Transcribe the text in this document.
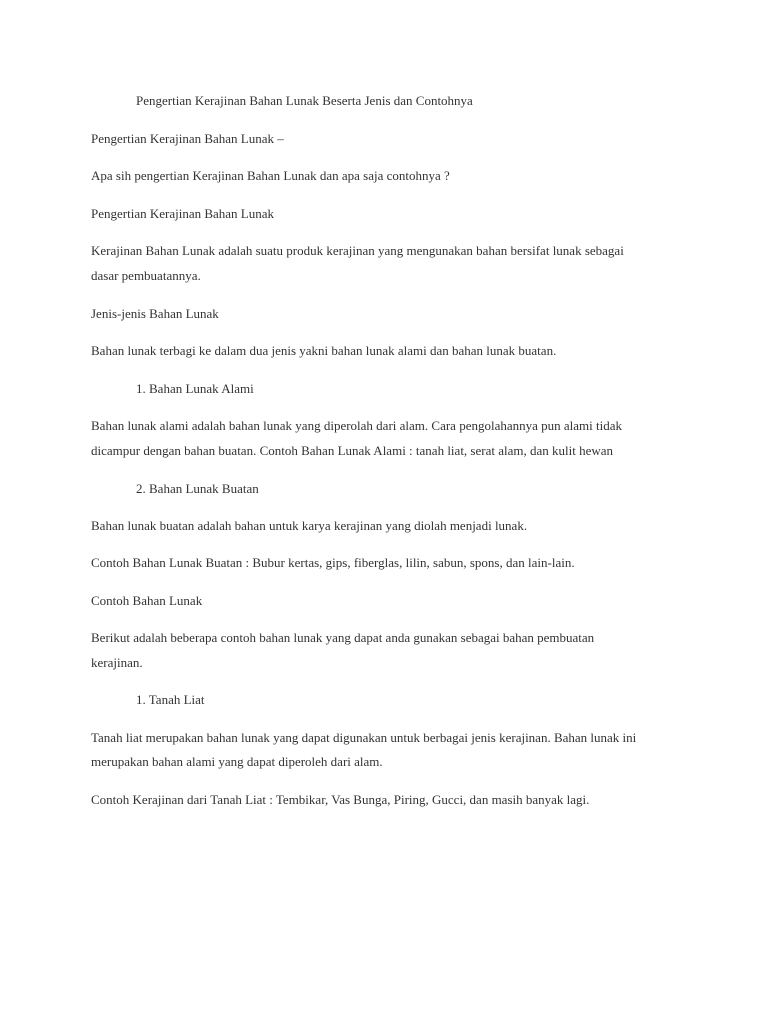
Pengertian Kerajinan Bahan Lunak Beserta Jenis dan Contohnya
Pengertian Kerajinan Bahan Lunak –
Apa sih pengertian Kerajinan Bahan Lunak dan apa saja contohnya ?
Pengertian Kerajinan Bahan Lunak
Kerajinan Bahan Lunak adalah suatu produk kerajinan yang mengunakan bahan bersifat lunak sebagai
dasar pembuatannya.
Jenis-jenis Bahan Lunak
Bahan lunak terbagi ke dalam dua jenis yakni bahan lunak alami dan bahan lunak buatan.
1. Bahan Lunak Alami
Bahan lunak alami adalah bahan lunak yang diperolah dari alam. Cara pengolahannya pun alami tidak
dicampur dengan bahan buatan. Contoh Bahan Lunak Alami : tanah liat, serat alam, dan kulit hewan
2. Bahan Lunak Buatan
Bahan lunak buatan adalah bahan untuk karya kerajinan yang diolah menjadi lunak.
Contoh Bahan Lunak Buatan : Bubur kertas, gips, fiberglas, lilin, sabun, spons, dan lain-lain.
Contoh Bahan Lunak
Berikut adalah beberapa contoh bahan lunak yang dapat anda gunakan sebagai bahan pembuatan
kerajinan.
1. Tanah Liat
Tanah liat merupakan bahan lunak yang dapat digunakan untuk berbagai jenis kerajinan. Bahan lunak ini
merupakan bahan alami yang dapat diperoleh dari alam.
Contoh Kerajinan dari Tanah Liat : Tembikar, Vas Bunga, Piring, Gucci, dan masih banyak lagi.
